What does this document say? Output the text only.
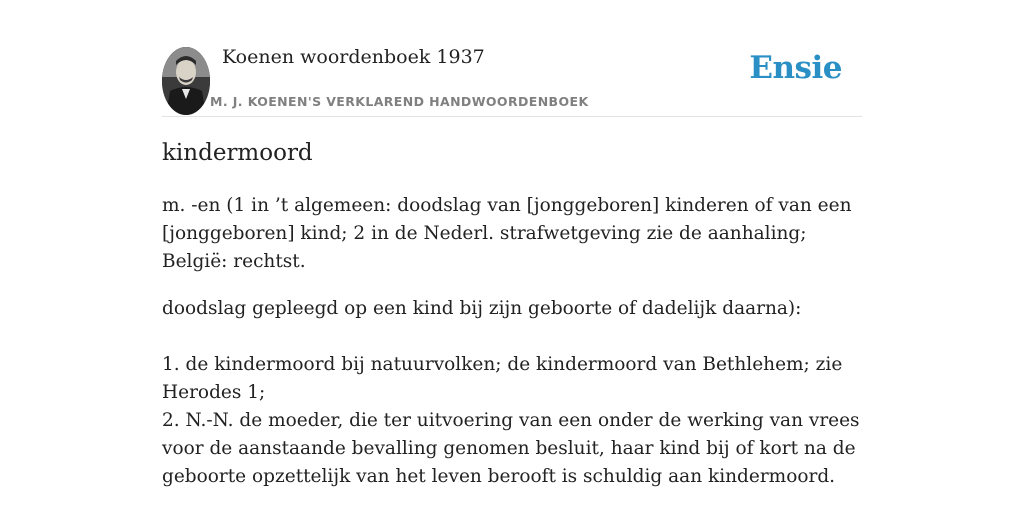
Koenen woordenboek 1937
M. J. KOENEN'S VERKLAREND HANDWOORDENBOEK
Ensie
kindermoord

m. -en (1 in ’t algemeen: doodslag van [jonggeboren] kinderen of van een [jonggeboren] kind; 2 in de Nederl. strafwetgeving zie de aanhaling; België: rechtst.

doodslag gepleegd op een kind bij zijn geboorte of dadelijk daarna):

1. de kindermoord bij natuurvolken; de kindermoord van Bethlehem; zie Herodes 1;
2. N.-N. de moeder, die ter uitvoering van een onder de werking van vrees voor de aanstaande bevalling genomen besluit, haar kind bij of kort na de geboorte opzettelijk van het leven berooft is schuldig aan kindermoord.
